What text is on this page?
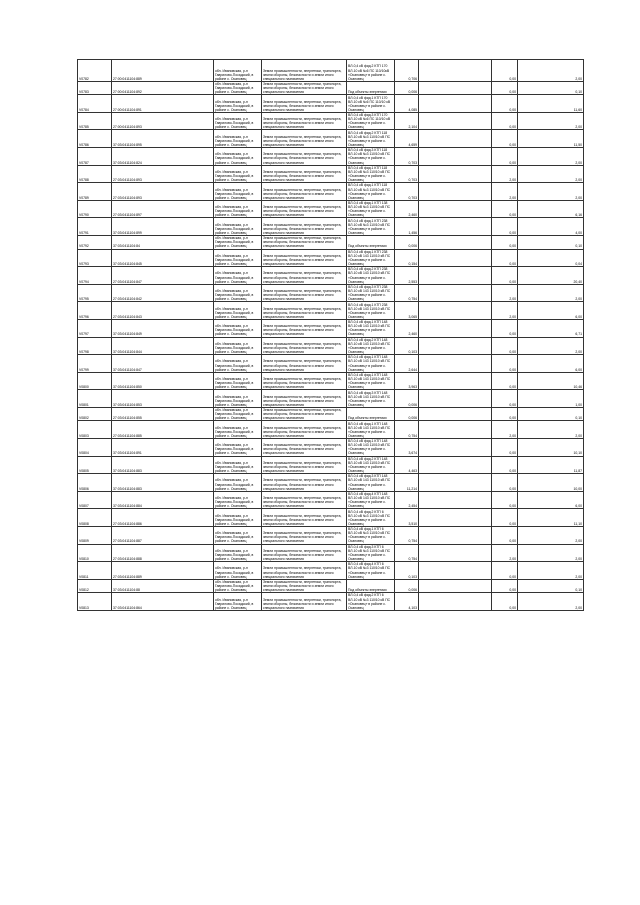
V0782	27:00:0411104:889	обл. Ивановская, р-н Гаврилово-Посадский, в районе с. Осановец	Земли промышленности, энергетики, транспорта, земли обороны, безопасности и земли иного специального назначения	ВЛ-0,4 кВ фид.2 КТП 170 ВЛ-10 кВ №6 ПС 110/10кВ «Осановец» в районе с. Осановец	0,706		0,00	2,00
V0783	27:00:0411104:892	обл. Ивановская, р-н Гаврилово-Посадский, в районе с. Осановец	Земли промышленности, энергетики, транспорта, земли обороны, безопасности и земли иного специального назначения	Под объекты энергетики	0,006		0,00	0,10
V0784	27:00:0411104:891	обл. Ивановская, р-н Гаврилово-Посадский, в районе с. Осановец	Земли промышленности, энергетики, транспорта, земли обороны, безопасности и земли иного специального назначения	ВЛ-0,4 кВ фид.1 КТП 170 ВЛ-10 кВ №6 ПС 110/10 кВ «Осановец» в районе с. Осановец	4,085		0,00	11,60
V0785	27:00:0411104:893	обл. Ивановская, р-н Гаврилово-Посадский, в районе с. Осановец	Земли промышленности, энергетики, транспорта, земли обороны, безопасности и земли иного специального назначения	ВЛ-0,4 кВ фид.3 КТП 170 ВЛ-10 кВ №6 ПС 110/10 кВ «Осановец» в районе с. Осановец	2,104		0,00	2,00
V0786	37:03:0411104:895	обл. Ивановская, р-н Гаврилово-Посадский, в районе с. Осановец	Земли промышленности, энергетики, транспорта, земли обороны, безопасности и земли иного специального назначения	ВЛ-0,4 кВ фид.2 КТП 118 ВЛ-10 кВ №3 110/10 кВ ПС «Осановец» в районе с. Осановец	4,659		0,00	11,50
V0787	37:03:0411104:824	обл. Ивановская, р-н Гаврилово-Посадский, в районе с. Осановец	Земли промышленности, энергетики, транспорта, земли обороны, безопасности и земли иного специального назначения	ВЛ-0,4 кВ фид.3 КТП 118 ВЛ-10 кВ №3 110/10 кВ ПС «Осановец» в районе с. Осановец	0,703		0,00	2,00
V0788	27:03:0411104:893	обл. Ивановская, р-н Гаврилово-Посадский, в районе с. Осановец	Земли промышленности, энергетики, транспорта, земли обороны, безопасности и земли иного специального назначения	ВЛ-0,4 кВ фид.1 КТП 118 ВЛ-10 кВ №3 110/10 кВ ПС «Осановец» в районе с. Осановец	0,703		2,00	2,00
V0789	27:03:0411104:893	обл. Ивановская, р-н Гаврилово-Посадский, в районе с. Осановец	Земли промышленности, энергетики, транспорта, земли обороны, безопасности и земли иного специального назначения	ВЛ-0,4 кВ фид.1 КТП 118 ВЛ-10 кВ №3 110/10 кВ ПС «Осановец» в районе с. Осановец	0,703		2,00	2,00
V0790	27:03:0411104:897	обл. Ивановская, р-н Гаврилово-Посадский, в районе с. Осановец	Земли промышленности, энергетики, транспорта, земли обороны, безопасности и земли иного специального назначения	ВЛ-0,4 кВ фид.1 КТП 138 ВЛ-10 кВ №3 110/10 кВ ПС «Осановец» в районе с. Осановец	2,460		0,00	6,16
V0791	37:03:0411104:899	обл. Ивановская, р-н Гаврилово-Посадский, в районе с. Осановец	Земли промышленности, энергетики, транспорта, земли обороны, безопасности и земли иного специального назначения	ВЛ-0,4 кВ фид.1 КТП 238 ВЛ-10 кВ №3 110/10 кВ ПС «Осановец» в районе с. Осановец	1,456		0,00	4,00
V0792	37:03:0411104:84	обл. Ивановская, р-н Гаврилово-Посадский, в районе с. Осановец	Земли промышленности, энергетики, транспорта, земли обороны, безопасности и земли иного специального назначения	Под объекты энергетики	0,006		0,00	0,10
V0793	37:03:0411104:845	обл. Ивановская, р-н Гаврилово-Посадский, в районе с. Осановец	Земли промышленности, энергетики, транспорта, земли обороны, безопасности и земли иного специального назначения	ВЛ-0,4 кВ фид.1 КТП 238 ВЛ-10 кВ 143 110/10 кВ ПС «Осановец» в районе с. Осановец	0,154		0,00	0,04
V0794	27:03:0411104:847	обл. Ивановская, р-н Гаврилово-Посадский, в районе с. Осановец	Земли промышленности, энергетики, транспорта, земли обороны, безопасности и земли иного специального назначения	ВЛ-0,4 кВ фид.2 КТП 238 ВЛ-10 кВ 143 110/10 кВ ПС «Осановец» в районе с. Осановец	2,553		0,00	20,40
V0795	27:03:0411104:842	обл. Ивановская, р-н Гаврилово-Посадский, в районе с. Осановец	Земли промышленности, энергетики, транспорта, земли обороны, безопасности и земли иного специального назначения	ВЛ-0,4 кВ фид.3 КТП 238 ВЛ-10 кВ 143 110/10 кВ ПС «Осановец» в районе с. Осановец	0,754		2,00	2,00
V0796	27:03:0411104:843	обл. Ивановская, р-н Гаврилово-Посадский, в районе с. Осановец	Земли промышленности, энергетики, транспорта, земли обороны, безопасности и земли иного специального назначения	ВЛ-0,4 кВ фид.1 КТП 238 ВЛ-10 кВ 143 110/10 кВ ПС «Осановец» в районе с. Осановец	3,065		2,00	6,00
V0797	37:03:0411104:849	обл. Ивановская, р-н Гаврилово-Посадский, в районе с. Осановец	Земли промышленности, энергетики, транспорта, земли обороны, безопасности и земли иного специального назначения	ВЛ-0,4 кВ фид.1 КТП 148 ВЛ-10 кВ 143 110/10 кВ ПС «Осановец» в районе с. Осановец	2,460		0,00	6,71
V0798	37:03:0411104:844	обл. Ивановская, р-н Гаврилово-Посадский, в районе с. Осановец	Земли промышленности, энергетики, транспорта, земли обороны, безопасности и земли иного специального назначения	ВЛ-0,4 кВ фид.2 КТП 148 ВЛ-10 кВ 143 110/10 кВ ПС «Осановец» в районе с. Осановец	0,103		0,00	2,00
V0799	37:03:0411104:847	обл. Ивановская, р-н Гаврилово-Посадский, в районе с. Осановец	Земли промышленности, энергетики, транспорта, земли обороны, безопасности и земли иного специального назначения	ВЛ-0,4 кВ фид.1 КТП 148 ВЛ-10 кВ 143 110/10 кВ ПС «Осановец» в районе с. Осановец	2,644		0,00	6,00
V0800	37:03:0411104:850	обл. Ивановская, р-н Гаврилово-Посадский, в районе с. Осановец	Земли промышленности, энергетики, транспорта, земли обороны, безопасности и земли иного специального назначения	ВЛ-0,4 кВ фид.1 КТП 148 ВЛ-10 кВ 143 110/10 кВ ПС «Осановец» в районе с. Осановец	3,963		0,00	10,46
V0801	37:03:0411104:853	обл. Ивановская, р-н Гаврилово-Посадский, в районе с. Осановец	Земли промышленности, энергетики, транспорта, земли обороны, безопасности и земли иного специального назначения	ВЛ-0,4 кВ фид.3 КТП 148 ВЛ-10 кВ 143 110/10 кВ ПС «Осановец» в районе с. Осановец	0,006		0,00	1,00
V0802	27:03:0411104:855	обл. Ивановская, р-н Гаврилово-Посадский, в районе с. Осановец	Земли промышленности, энергетики, транспорта, земли обороны, безопасности и земли иного специального назначения	Под объекты энергетики	0,006		0,00	0,10
V0803	27:03:0411104:885	обл. Ивановская, р-н Гаврилово-Посадский, в районе с. Осановец	Земли промышленности, энергетики, транспорта, земли обороны, безопасности и земли иного специального назначения	ВЛ-0,4 кВ фид.1 КТП 148 ВЛ-10 кВ 143 110/10 кВ ПС «Осановец» в районе с. Осановец	0,754		2,00	2,00
V0804	37:03:0411104:891	обл. Ивановская, р-н Гаврилово-Посадский, в районе с. Осановец	Земли промышленности, энергетики, транспорта, земли обороны, безопасности и земли иного специального назначения	ВЛ-0,4 кВ фид.1 КТП 148 ВЛ-10 кВ 143 110/10 кВ ПС «Осановец» в районе с. Осановец	3,674		0,00	10,10
V0805	37:03:0411104:883	обл. Ивановская, р-н Гаврилово-Посадский, в районе с. Осановец	Земли промышленности, энергетики, транспорта, земли обороны, безопасности и земли иного специального назначения	ВЛ-0,4 кВ фид.2 КТП 148 ВЛ-10 кВ 143 110/10 кВ ПС «Осановец» в районе с. Осановец	4,463		0,00	11,87
V0806	37:03:0411104:883	обл. Ивановская, р-н Гаврилово-Посадский, в районе с. Осановец	Земли промышленности, энергетики, транспорта, земли обороны, безопасности и земли иного специального назначения	ВЛ-0,4 кВ фид.3 КТП 148 ВЛ-10 кВ 143 110/10 кВ ПС «Осановец» в районе с. Осановец	11,214		0,00	10,00
V0807	37:03:0411104:884	обл. Ивановская, р-н Гаврилово-Посадский, в районе с. Осановец	Земли промышленности, энергетики, транспорта, земли обороны, безопасности и земли иного специального назначения	ВЛ-0,4 кВ фид.4 КТП 148 ВЛ-10 кВ 143 110/10 кВ ПС «Осановец» в районе с. Осановец	2,454		0,00	6,00
V0808	27:03:0411104:886	обл. Ивановская, р-н Гаврилово-Посадский, в районе с. Осановец	Земли промышленности, энергетики, транспорта, земли обороны, безопасности и земли иного специального назначения	ВЛ-0,4 кВ фид.2 КТП 6 ВЛ-10 кВ №3 110/10 кВ ПС «Осановец» в районе с. Осановец	3,510		0,00	11,10
V0809	27:03:0411104:887	обл. Ивановская, р-н Гаврилово-Посадский, в районе с. Осановец	Земли промышленности, энергетики, транспорта, земли обороны, безопасности и земли иного специального назначения	ВЛ-0,4 кВ фид.1 КТП 6 ВЛ-10 кВ №3 110/10 кВ ПС «Осановец» в районе с. Осановец	0,754		0,00	2,00
V0810	27:03:0411104:888	обл. Ивановская, р-н Гаврилово-Посадский, в районе с. Осановец	Земли промышленности, энергетики, транспорта, земли обороны, безопасности и земли иного специального назначения	ВЛ-0,4 кВ фид.3 КТП 6 ВЛ-10 кВ №3 110/10 кВ ПС «Осановец» в районе с. Осановец	0,754		2,00	2,00
V0811	27:03:0411104:889	обл. Ивановская, р-н Гаврилово-Посадский, в районе с. Осановец	Земли промышленности, энергетики, транспорта, земли обороны, безопасности и земли иного специального назначения	ВЛ-0,4 кВ фид.4 КТП 6 ВЛ-10 кВ №3 110/10 кВ ПС «Осановец» в районе с. Осановец	0,103		0,00	2,00
V0812	37:03:0411104:88	обл. Ивановская, р-н Гаврилово-Посадский, в районе с. Осановец	Земли промышленности, энергетики, транспорта, земли обороны, безопасности и земли иного специального назначения	Под объекты энергетики	0,006		0,00	0,10
V0813	37:03:0411104:864	обл. Ивановская, р-н Гаврилово-Посадский, в районе с. Осановец	Земли промышленности, энергетики, транспорта, земли обороны, безопасности и земли иного специального назначения	ВЛ-0,4 кВ фид.2 КТП 6 ВЛ-10 кВ №3 110/10 кВ ПС «Осановец» в районе с. Осановец	4,103		0,00	2,00
